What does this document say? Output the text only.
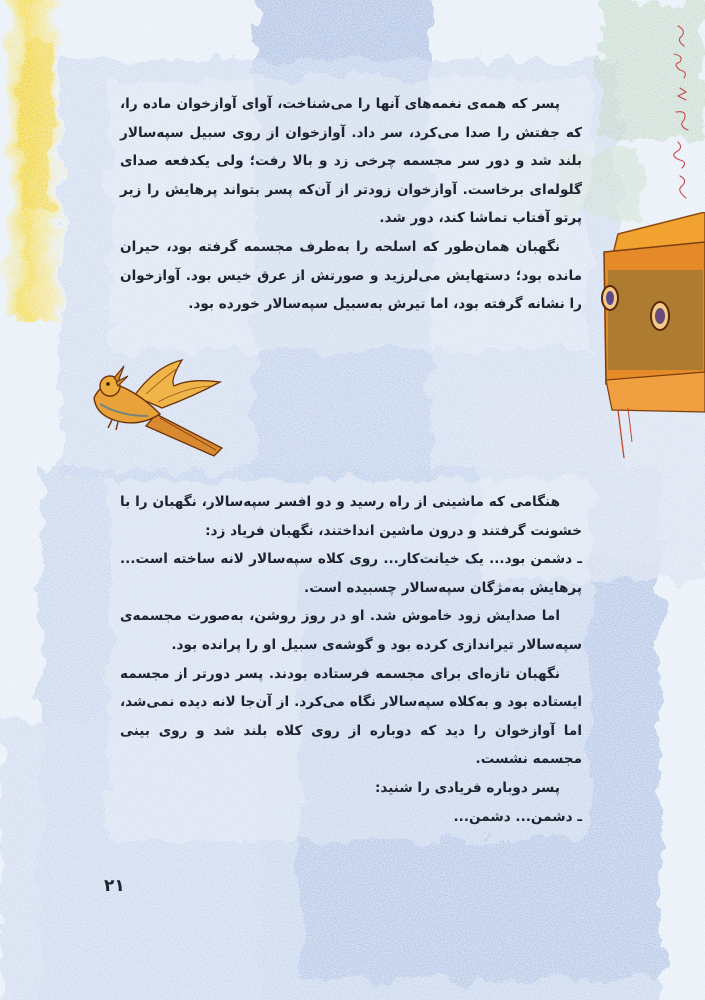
پسر که همه‌ی نغمه‌های آنها را می‌شناخت، آوای آوازخوان ماده را، که جفتش را صدا می‌کرد، سر داد. آوازخوان از روی سبیل سپه‌سالار بلند شد و دور سر مجسمه چرخی زد و بالا رفت؛ ولی یکدفعه صدای گلوله‌ای برخاست. آوازخوان زودتر از آن‌که پسر بتواند پرهایش را زیر پرتو آفتاب تماشا کند، دور شد.

نگهبان همان‌طور که اسلحه را به‌طرف مجسمه گرفته بود، حیران مانده بود؛ دستهایش می‌لرزید و صورتش از عرق خیس بود. آوازخوان را نشانه گرفته بود، اما تیرش به‌سبیل سپه‌سالار خورده بود.

هنگامی که ماشینی از راه رسید و دو افسر سپه‌سالار، نگهبان را با خشونت گرفتند و درون ماشین انداختند، نگهبان فریاد زد:

ـ دشمن بود... یک خیانت‌کار... روی کلاه سپه‌سالار لانه ساخته است... پرهایش به‌مژگان سپه‌سالار چسبیده است.

اما صدایش زود خاموش شد. او در روز روشن، به‌صورت مجسمه‌ی سپه‌سالار تیراندازی کرده بود و گوشه‌ی سبیل او را پرانده بود.

نگهبان تازه‌ای برای مجسمه فرستاده بودند. پسر دورتر از مجسمه ایستاده بود و به‌کلاه سپه‌سالار نگاه می‌کرد. از آن‌جا لانه دیده نمی‌شد، اما آوازخوان را دید که دوباره از روی کلاه بلند شد و روی بینی مجسمه نشست.

پسر دوباره فریادی را شنید:

ـ دشمن... دشمن...

۲۱
